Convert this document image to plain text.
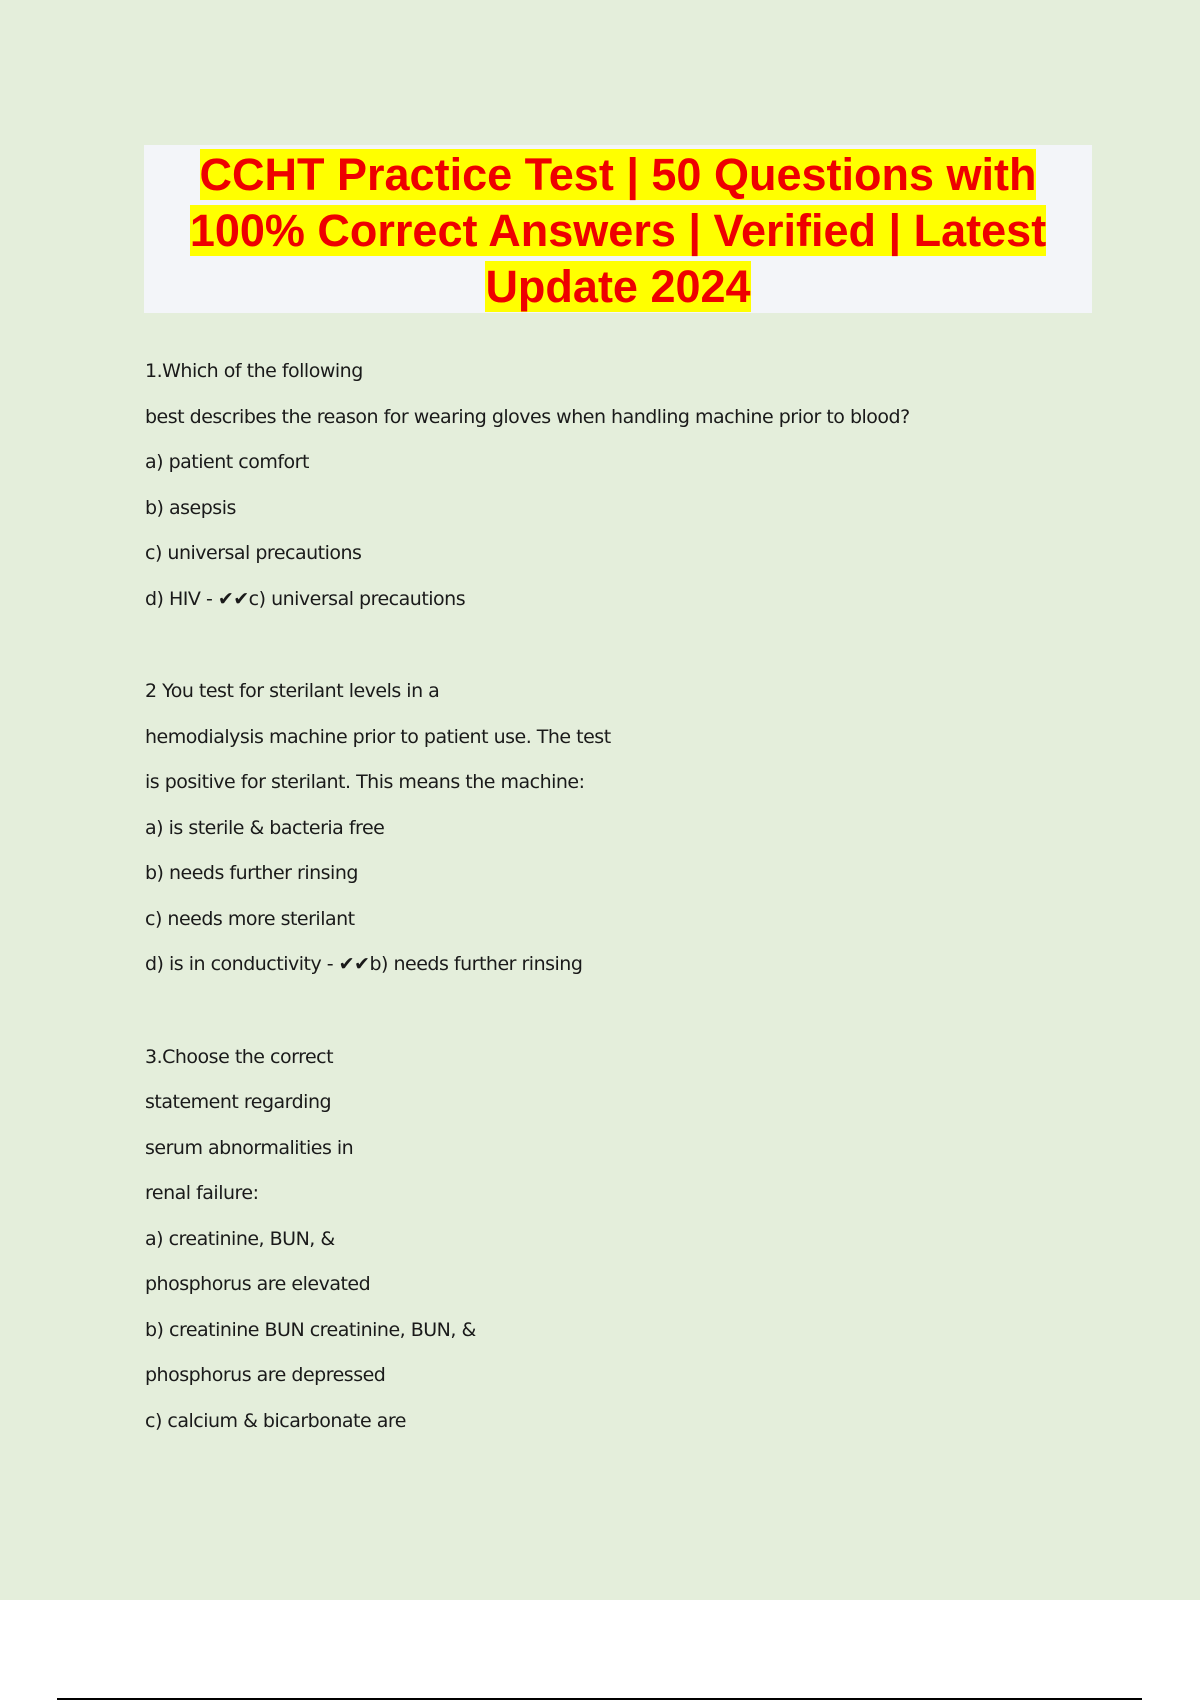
CCHT Practice Test | 50 Questions with
100% Correct Answers | Verified | Latest
Update 2024
1.Which of the following
best describes the reason for wearing gloves when handling machine prior to blood?
a) patient comfort
b) asepsis
c) universal precautions
d) HIV - ✔✔c) universal precautions
2 You test for sterilant levels in a
hemodialysis machine prior to patient use. The test
is positive for sterilant. This means the machine:
a) is sterile & bacteria free
b) needs further rinsing
c) needs more sterilant
d) is in conductivity - ✔✔b) needs further rinsing
3.Choose the correct
statement regarding
serum abnormalities in
renal failure:
a) creatinine, BUN, &
phosphorus are elevated
b) creatinine BUN creatinine, BUN, &
phosphorus are depressed
c) calcium & bicarbonate are
